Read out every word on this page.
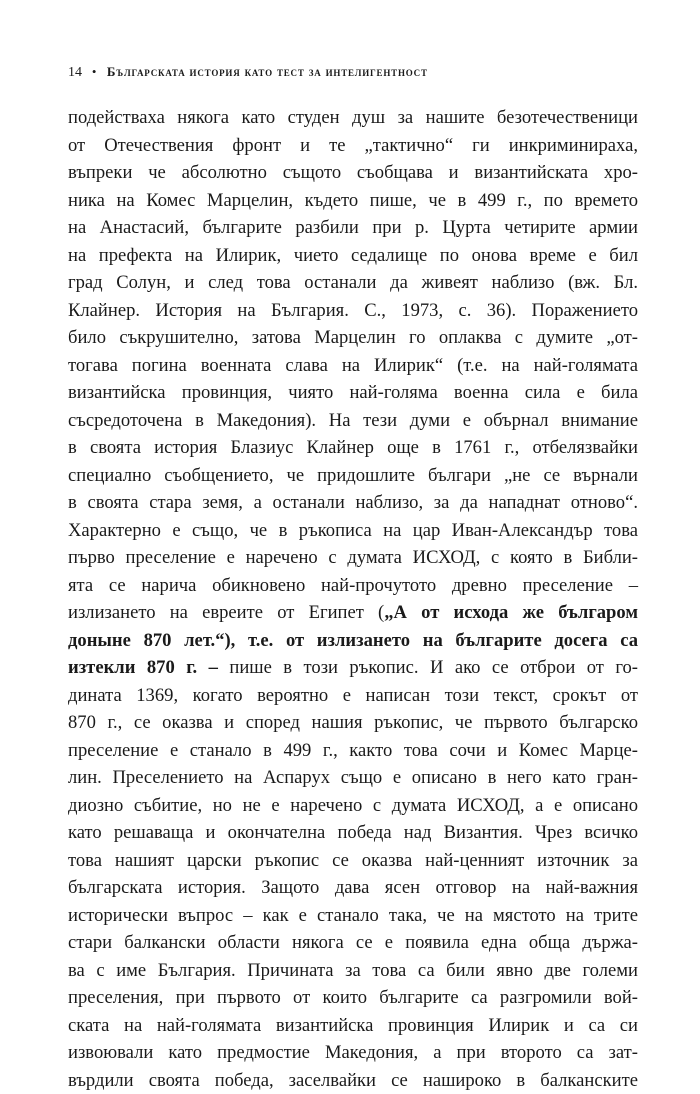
14 • Българската история като тест за интелигентност
подействаха някога като студен душ за нашите безотечественици
от Отечествения фронт и те „тактично“ ги инкриминираха,
въпреки че абсолютно същото съобщава и византийската хро-
ника на Комес Марцелин, където пише, че в 499 г., по времето
на Анастасий, българите разбили при р. Цурта четирите армии
на префекта на Илирик, чието седалище по онова време е бил
град Солун, и след това останали да живеят наблизо (вж. Бл.
Клайнер. История на България. С., 1973, с. 36). Поражението
било съкрушително, затова Марцелин го оплаква с думите „от-
тогава погина военната слава на Илирик“ (т.е. на най-голямата
византийска провинция, чиято най-голяма военна сила е била
съсредоточена в Македония). На тези думи е обърнал внимание
в своята история Блазиус Клайнер още в 1761 г., отбелязвайки
специално съобщението, че придошлите българи „не се върнали
в своята стара земя, а останали наблизо, за да нападнат отново“.
Характерно е също, че в ръкописа на цар Иван-Александър това
първо преселение е наречено с думата ИСХОД, с която в Библи-
ята се нарича обикновено най-прочутото древно преселение –
излизането на евреите от Египет („А от исхода же българом
доныне 870 лет.“), т.е. от излизането на българите досега са
изтекли 870 г. – пише в този ръкопис. И ако се отброи от го-
дината 1369, когато вероятно е написан този текст, срокът от
870 г., се оказва и според нашия ръкопис, че първото българско
преселение е станало в 499 г., както това сочи и Комес Марце-
лин. Преселението на Аспарух също е описано в него като гран-
диозно събитие, но не е наречено с думата ИСХОД, а е описано
като решаваща и окончателна победа над Византия. Чрез всичко
това нашият царски ръкопис се оказва най-ценният източник за
българската история. Защото дава ясен отговор на най-важния
исторически въпрос – как е станало така, че на мястото на трите
стари балкански области някога се е появила една обща държа-
ва с име България. Причината за това са били явно две големи
преселения, при първото от които българите са разгромили вой-
ската на най-голямата византийска провинция Илирик и са си
извоювали като предмостие Македония, а при второто са зат-
върдили своята победа, заселвайки се нашироко в балканските
